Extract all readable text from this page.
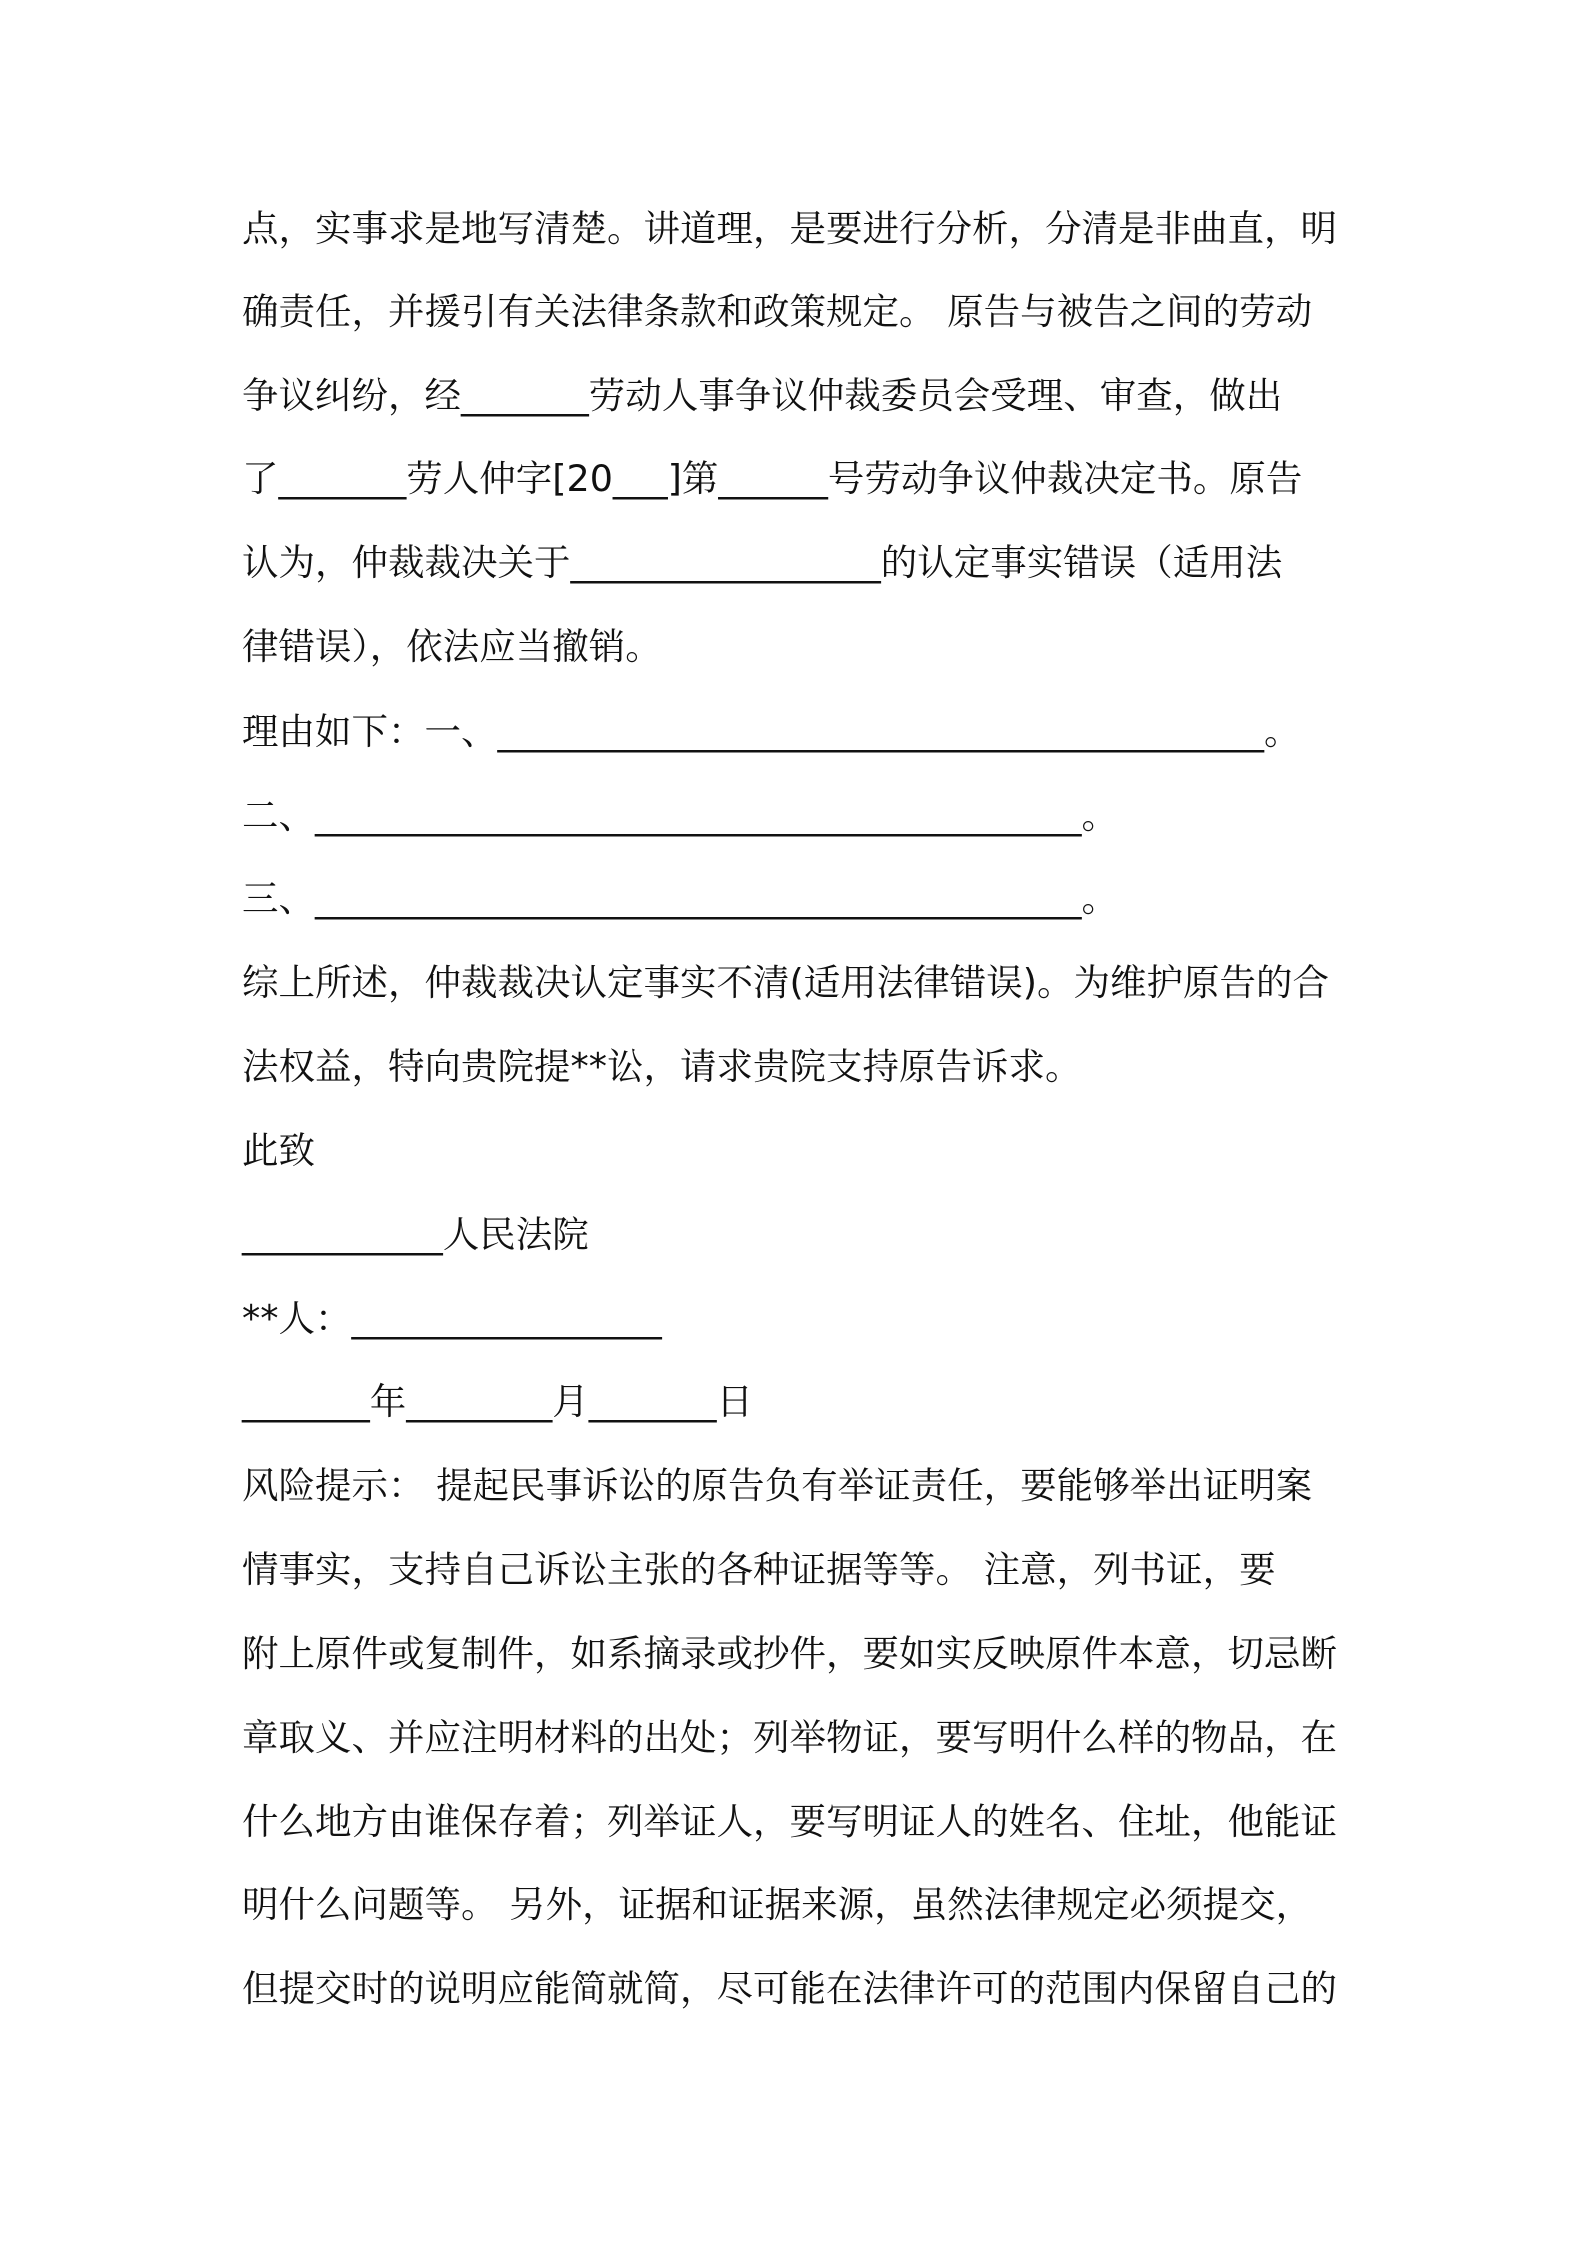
点，实事求是地写清楚。讲道理，是要进行分析，分清是非曲直，明
确责任，并援引有关法律条款和政策规定。 原告与被告之间的劳动
争议纠纷，经_______劳动人事争议仲裁委员会受理、审查，做出
了_______劳人仲字[20___]第______号劳动争议仲裁决定书。原告
认为，仲裁裁决关于_________________的认定事实错误（适用法
律错误），依法应当撤销。
理由如下：一、__________________________________________。
二、__________________________________________。
三、__________________________________________。
综上所述，仲裁裁决认定事实不清(适用法律错误)。为维护原告的合
法权益，特向贵院提**讼，请求贵院支持原告诉求。
此致
___________人民法院
**人：_________________
_______年________月_______日
风险提示： 提起民事诉讼的原告负有举证责任，要能够举出证明案
情事实，支持自己诉讼主张的各种证据等等。 注意，列书证，要
附上原件或复制件，如系摘录或抄件，要如实反映原件本意，切忌断
章取义、并应注明材料的出处；列举物证，要写明什么样的物品，在
什么地方由谁保存着；列举证人，要写明证人的姓名、住址，他能证
明什么问题等。 另外，证据和证据来源，虽然法律规定必须提交，
但提交时的说明应能简就简，尽可能在法律许可的范围内保留自己的
